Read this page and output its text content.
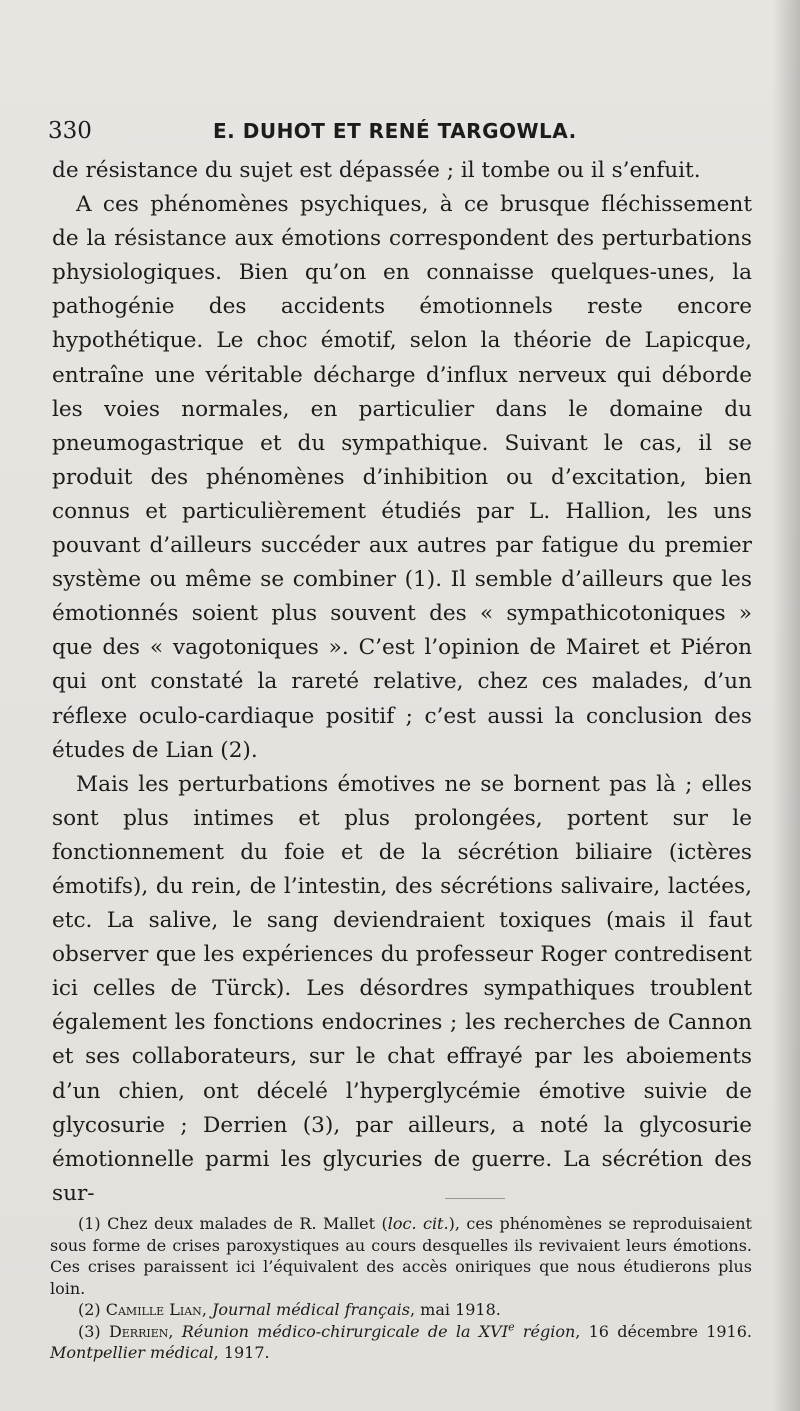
330	E. DUHOT ET RENÉ TARGOWLA.

de résistance du sujet est dépassée ; il tombe ou il s’enfuit.

A ces phénomènes psychiques, à ce brusque fléchissement de la résistance aux émotions correspondent des perturbations physiologiques. Bien qu’on en connaisse quelques-unes, la pathogénie des accidents émotionnels reste encore hypothétique. Le choc émotif, selon la théorie de Lapicque, entraîne une véritable décharge d’influx nerveux qui déborde les voies normales, en particulier dans le domaine du pneumogastrique et du sympathique. Suivant le cas, il se produit des phénomènes d’inhibition ou d’excitation, bien connus et particulièrement étudiés par L. Hallion, les uns pouvant d’ailleurs succéder aux autres par fatigue du premier système ou même se combiner (1). Il semble d’ailleurs que les émotionnés soient plus souvent des « sympathicotoniques » que des « vagotoniques ». C’est l’opinion de Mairet et Piéron qui ont constaté la rareté relative, chez ces malades, d’un réflexe oculo-cardiaque positif ; c’est aussi la conclusion des études de Lian (2).

Mais les perturbations émotives ne se bornent pas là ; elles sont plus intimes et plus prolongées, portent sur le fonctionnement du foie et de la sécrétion biliaire (ictères émotifs), du rein, de l’intestin, des sécrétions salivaire, lactées, etc. La salive, le sang deviendraient toxiques (mais il faut observer que les expériences du professeur Roger contredisent ici celles de Türck). Les désordres sympathiques troublent également les fonctions endocrines ; les recherches de Cannon et ses collaborateurs, sur le chat effrayé par les aboiements d’un chien, ont décelé l’hyperglycémie émotive suivie de glycosurie ; Derrien (3), par ailleurs, a noté la glycosurie émotionnelle parmi les glycuries de guerre. La sécrétion des sur-

(1) Chez deux malades de R. Mallet (loc. cit.), ces phénomènes se reproduisaient sous forme de crises paroxystiques au cours desquelles ils revivaient leurs émotions. Ces crises paraissent ici l’équivalent des accès oniriques que nous étudierons plus loin.

(2) Camille Lian, Journal médical français, mai 1918.

(3) Derrien, Réunion médico-chirurgicale de la XVIe région, 16 décembre 1916. Montpellier médical, 1917.
